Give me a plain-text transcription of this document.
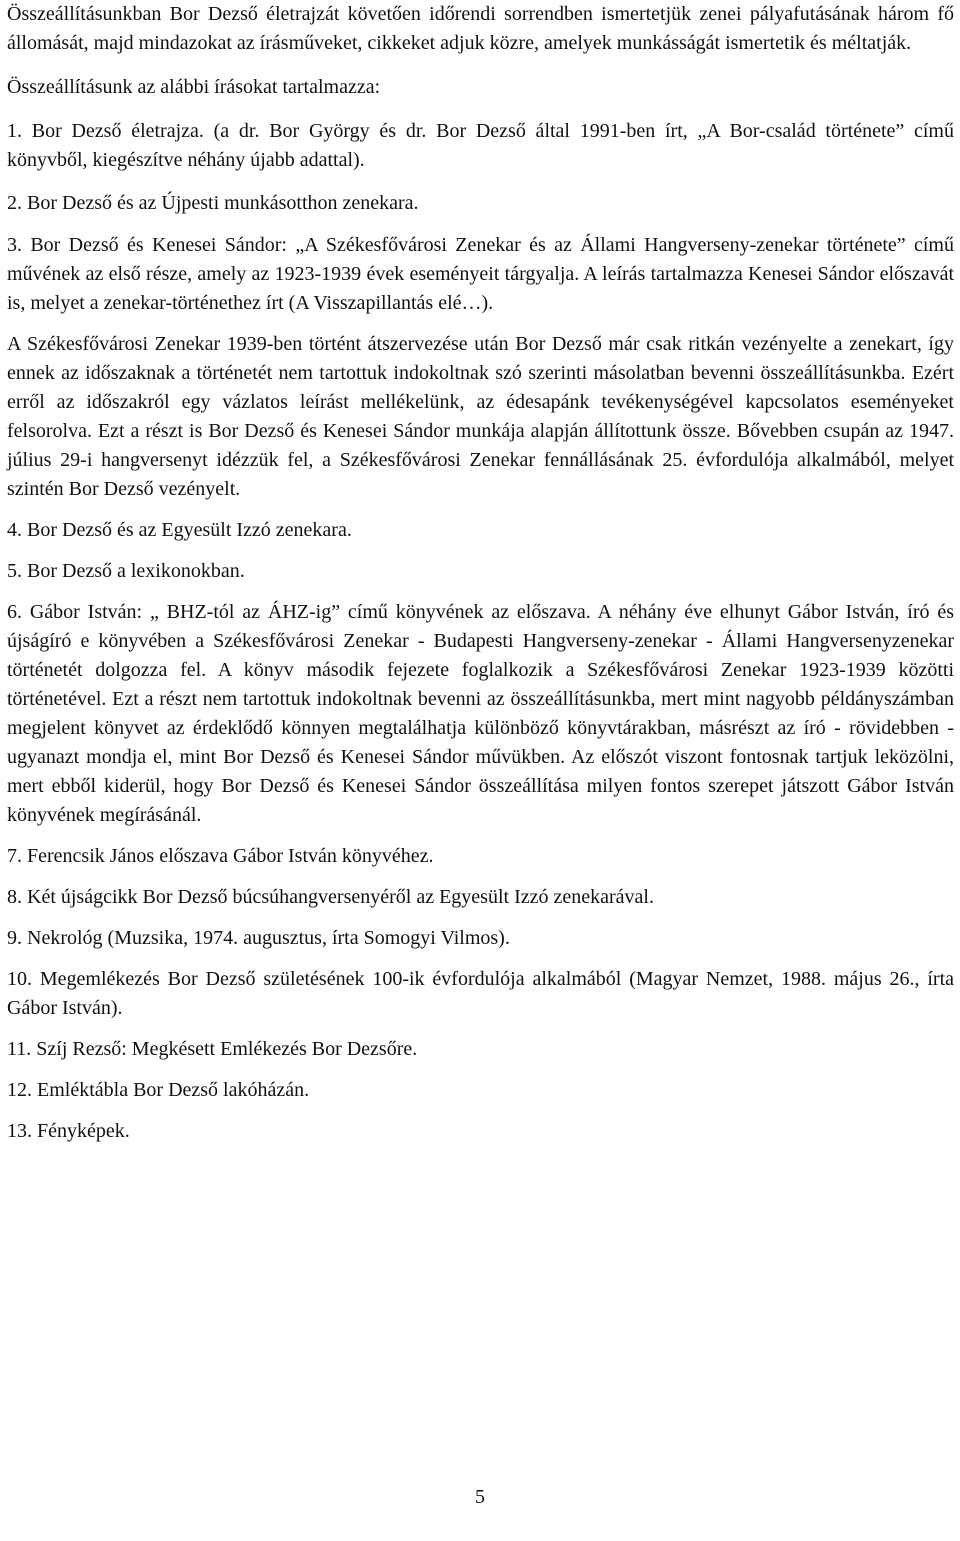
Összeállításunkban Bor Dezső életrajzát követően időrendi sorrendben ismertetjük zenei pályafutásának három fő állomását, majd mindazokat az írásműveket, cikkeket adjuk közre, amelyek munkásságát ismertetik és méltatják.

Összeállításunk az alábbi írásokat tartalmazza:

1. Bor Dezső életrajza. (a dr. Bor György és dr. Bor Dezső által 1991-ben írt, „A Bor-család története” című könyvből, kiegészítve néhány újabb adattal).

2. Bor Dezső és az Újpesti munkásotthon zenekara.

3. Bor Dezső és Kenesei Sándor: „A Székesfővárosi Zenekar és az Állami Hangverseny-zenekar története” című művének az első része, amely az 1923-1939 évek eseményeit tárgyalja. A leírás tartalmazza Kenesei Sándor előszavát is, melyet a zenekar-történethez írt (A Visszapillantás elé…).

A Székesfővárosi Zenekar 1939-ben történt átszervezése után Bor Dezső már csak ritkán vezényelte a zenekart, így ennek az időszaknak a történetét nem tartottuk indokoltnak szó szerinti másolatban bevenni összeállításunkba. Ezért erről az időszakról egy vázlatos leírást mellékelünk, az édesapánk tevékenységével kapcsolatos eseményeket felsorolva. Ezt a részt is Bor Dezső és Kenesei Sándor munkája alapján állítottunk össze. Bővebben csupán az 1947. július 29-i hangversenyt idézzük fel, a Székesfővárosi Zenekar fennállásának 25. évfordulója alkalmából, melyet szintén Bor Dezső vezényelt.

4. Bor Dezső és az Egyesült Izzó zenekara.

5. Bor Dezső a lexikonokban.

6. Gábor István: „ BHZ-tól az ÁHZ-ig” című könyvének az előszava. A néhány éve elhunyt Gábor István, író és újságíró e könyvében a Székesfővárosi Zenekar - Budapesti Hangverseny-zenekar - Állami Hangversenyzenekar történetét dolgozza fel. A könyv második fejezete foglalkozik a Székesfővárosi Zenekar 1923-1939 közötti történetével. Ezt a részt nem tartottuk indokoltnak bevenni az összeállításunkba, mert mint nagyobb példányszámban megjelent könyvet az érdeklődő könnyen megtalálhatja különböző könyvtárakban, másrészt az író - rövidebben - ugyanazt mondja el, mint Bor Dezső és Kenesei Sándor művükben. Az előszót viszont fontosnak tartjuk leközölni, mert ebből kiderül, hogy Bor Dezső és Kenesei Sándor összeállítása milyen fontos szerepet játszott Gábor István könyvének megírásánál.

7. Ferencsik János előszava Gábor István könyvéhez.

8. Két újságcikk Bor Dezső búcsúhangversenyéről az Egyesült Izzó zenekarával.

9. Nekrológ (Muzsika, 1974. augusztus, írta Somogyi Vilmos).

10. Megemlékezés Bor Dezső születésének 100-ik évfordulója alkalmából (Magyar Nemzet, 1988. május 26., írta Gábor István).

11. Szíj Rezső: Megkésett Emlékezés Bor Dezsőre.

12. Emléktábla Bor Dezső lakóházán.

13. Fényképek.

5
